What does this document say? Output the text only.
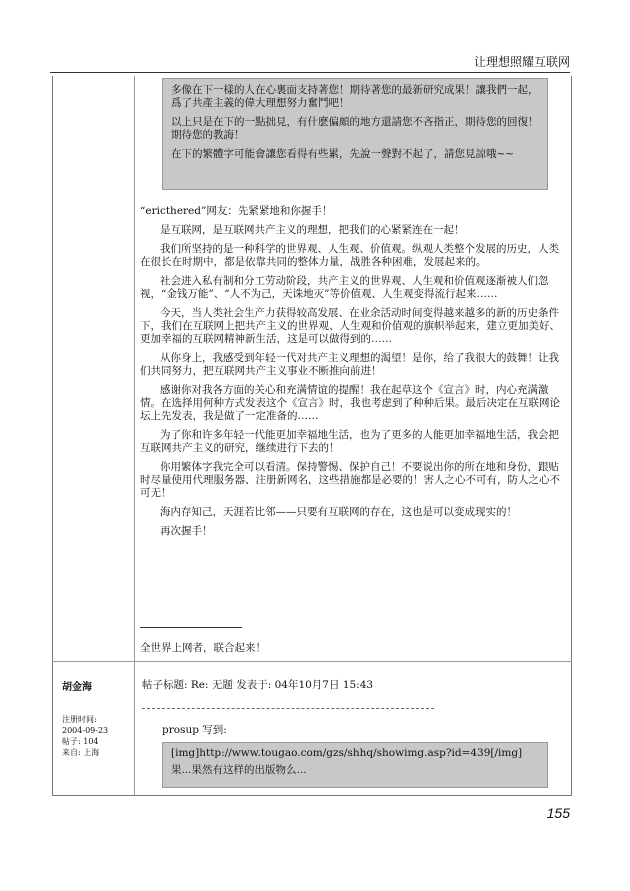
让理想照耀互联网

多像在下一樣的人在心裏面支持著您！期待著您的最新研究成果！讓我們一起，爲了共產主義的偉大理想努力奮鬥吧！

以上只是在下的一點拙見，有什麽偏頗的地方還請您不吝指正，期待您的回復！期待您的教誨！

在下的繁體字可能會讓您看得有些累，先說一聲對不起了，請您見諒哦~~

“ericthered”网友：先紧紧地和你握手！

是互联网，是互联网共产主义的理想，把我们的心紧紧连在一起！

我们所坚持的是一种科学的世界观、人生观、价值观。纵观人类整个发展的历史，人类在很长在时期中，都是依靠共同的整体力量，战胜各种困难，发展起来的。

社会进入私有制和分工劳动阶段，共产主义的世界观、人生观和价值观逐渐被人们忽视，“金钱万能”、“人不为己，天诛地灭”等价值观、人生观变得流行起来……

今天，当人类社会生产力获得较高发展、在业余活动时间变得越来越多的新的历史条件下，我们在互联网上把共产主义的世界观、人生观和价值观的旗帜举起来，建立更加美好、更加幸福的互联网精神新生活，这是可以做得到的……

从你身上，我感受到年轻一代对共产主义理想的渴望！是你，给了我很大的鼓舞！让我们共同努力，把互联网共产主义事业不断推向前进！

感谢你对我各方面的关心和充满情谊的提醒！我在起草这个《宣言》时，内心充满激情。在选择用何种方式发表这个《宣言》时，我也考虑到了种种后果。最后决定在互联网论坛上先发表，我是做了一定准备的……

为了你和许多年轻一代能更加幸福地生活，也为了更多的人能更加幸福地生活，我会把互联网共产主义的研究，继续进行下去的！

你用繁体字我完全可以看清。保持警惕、保护自己！不要说出你的所在地和身份，跟贴时尽量使用代理服务器、注册新网名，这些措施都是必要的！害人之心不可有，防人之心不可无！

海内存知己，天涯若比邻——只要有互联网的存在，这也是可以变成现实的！

再次握手！

全世界上网者，联合起来！
胡金海
注册时间:
2004-09-23
帖子: 104
来自: 上海
帖子标题: Re: 无题 发表于: 04年10月7日 15:43
prosup 写到:

[img]http://www.tougao.com/gzs/shhq/showimg.asp?id=439[/img]

果...果然有这样的出版物么...

155
